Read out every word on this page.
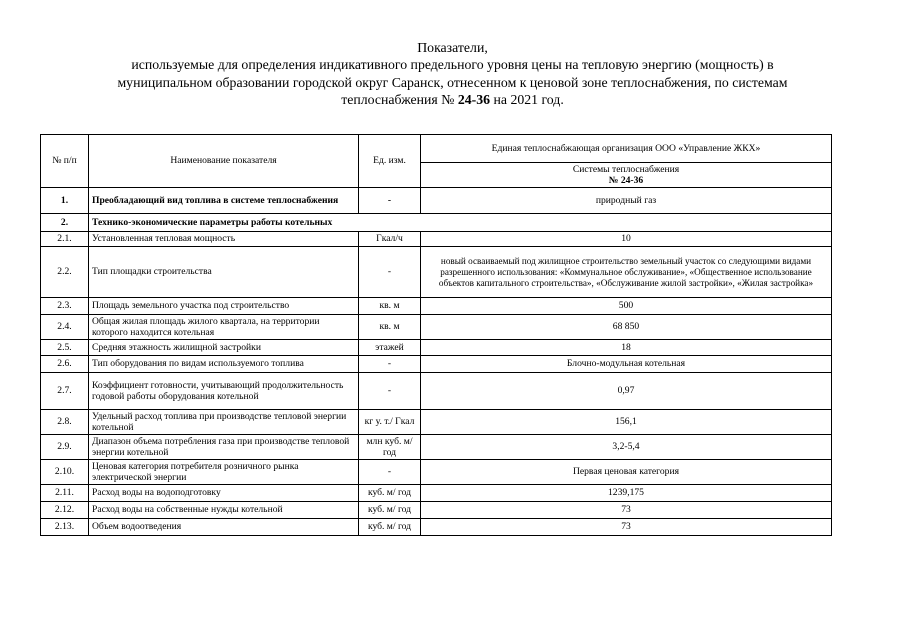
Показатели,
используемые для определения индикативного предельного уровня цены на тепловую энергию (мощность) в
муниципальном образовании городской округ Саранск, отнесенном к ценовой зоне теплоснабжения, по системам
теплоснабжения № 24-36 на 2021 год.
№ п/п	Наименование показателя	Ед. изм.	Единая теплоснабжающая организация ООО «Управление ЖКХ»
			Системы теплоснабжения
№ 24-36

1.	Преобладающий вид топлива в системе теплоснабжения	-	природный газ
2.	Технико-экономические параметры работы котельных		
2.1.	Установленная тепловая мощность	Гкал/ч	10
2.2.	Тип площадки строительства	-	новый осваиваемый под жилищное строительство земельный участок со следующими видами разрешенного использования: «Коммунальное обслуживание», «Общественное использование объектов капитального строительства», «Обслуживание жилой застройки», «Жилая застройка»
2.3.	Площадь земельного участка под строительство	кв. м	500
2.4.	Общая жилая площадь жилого квартала, на территории которого находится котельная	кв. м	68 850
2.5.	Средняя этажность жилищной застройки	этажей	18
2.6.	Тип оборудования по видам используемого топлива	-	Блочно-модульная котельная
2.7.	Коэффициент готовности, учитывающий продолжительность годовой работы оборудования котельной	-	0,97
2.8.	Удельный расход топлива при производстве тепловой энергии котельной	кг у. т./ Гкал	156,1
2.9.	Диапазон объема потребления газа при производстве тепловой энергии котельной	млн куб. м/год	3,2-5,4
2.10.	Ценовая категория потребителя розничного рынка электрической энергии	-	Первая ценовая категория
2.11.	Расход воды на водоподготовку	куб. м/ год	1239,175
2.12.	Расход воды на собственные нужды котельной	куб. м/ год	73
2.13.	Объем водоотведения	куб. м/ год	73
